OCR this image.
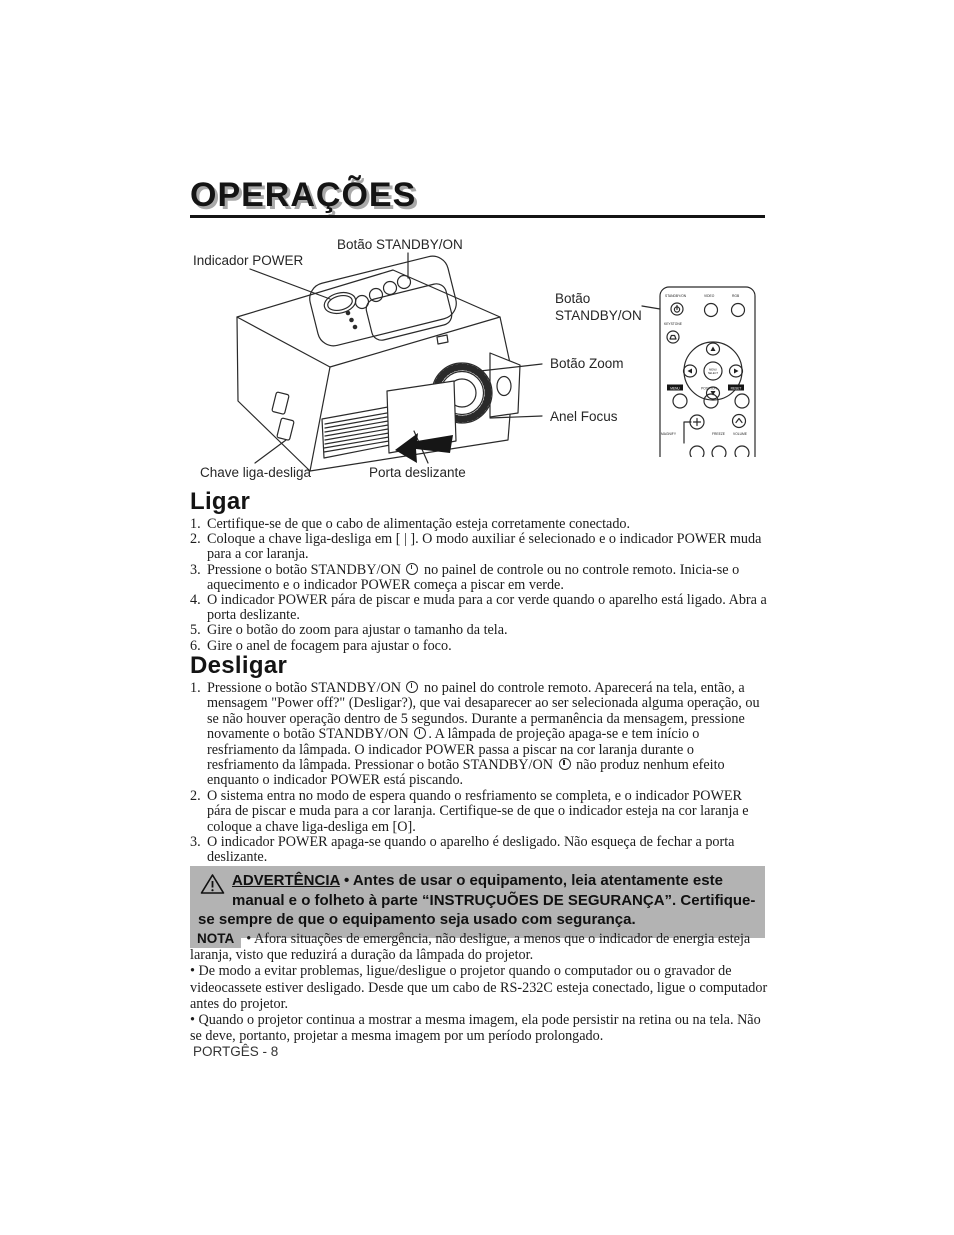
OPERAÇÕES
STANDBY/ON	VIDEO	RGB
KEYSTONE
MENU
SELECT
MENU	POSITION	RESET
MAGNIFY	FREEZE VOLUME
Botão STANDBY/ON
Indicador POWER
Botão
STANDBY/ON
Botão Zoom
Anel Focus
Chave liga-desliga	Porta deslizante
Ligar
1. Certifique-se de que o cabo de alimentação esteja corretamente conectado.
2. Coloque a chave liga-desliga em [ | ]. O modo auxiliar é selecionado e o indicador POWER muda para a cor laranja.
3. Pressione o botão STANDBY/ON  no painel de controle ou no controle remoto. Inicia-se o aquecimento e o indicador POWER começa a piscar em verde.
4. O indicador POWER pára de piscar e muda para a cor verde quando o aparelho está ligado. Abra a porta deslizante.
5. Gire o botão do zoom para ajustar o tamanho da tela.
6. Gire o anel de focagem para ajustar o foco.
Desligar
1. Pressione o botão STANDBY/ON  no painel do controle remoto. Aparecerá na tela, então, a mensagem "Power off?" (Desligar?), que vai desaparecer ao ser selecionada alguma operação, ou se não houver operação dentro de 5 segundos. Durante a permanência da mensagem, pressione novamente o botão STANDBY/ON . A lâmpada de projeção apaga-se e tem início o resfriamento da lâmpada. O indicador POWER passa a piscar na cor laranja durante o resfriamento da lâmpada. Pressionar o botão STANDBY/ON  não produz nenhum efeito enquanto o indicador POWER está piscando.
2. O sistema entra no modo de espera quando o resfriamento se completa, e o indicador POWER pára de piscar e muda para a cor laranja. Certifique-se de que o indicador esteja na cor laranja e coloque a chave liga-desliga em [O].
3. O indicador POWER apaga-se quando o aparelho é desligado. Não esqueça de fechar a porta deslizante.
ADVERTÊNCIA • Antes de usar o equipamento, leia atentamente este manual e o folheto à parte “INSTRUÇUÕES DE SEGURANÇA”. Certifique-se sempre de que o equipamento seja usado com segurança.

NOTA • Afora situações de emergência, não desligue, a menos que o indicador de energia esteja laranja, visto que reduzirá a duração da lâmpada do projetor.

• De modo a evitar problemas, ligue/desligue o projetor quando o computador ou o gravador de videocassete estiver desligado. Desde que um cabo de RS-232C esteja conectado, ligue o computador antes do projetor.

• Quando o projetor continua a mostrar a mesma imagem, ela pode persistir na retina ou na tela. Não se deve, portanto, projetar a mesma imagem por um período prolongado.

PORTGÊS - 8
